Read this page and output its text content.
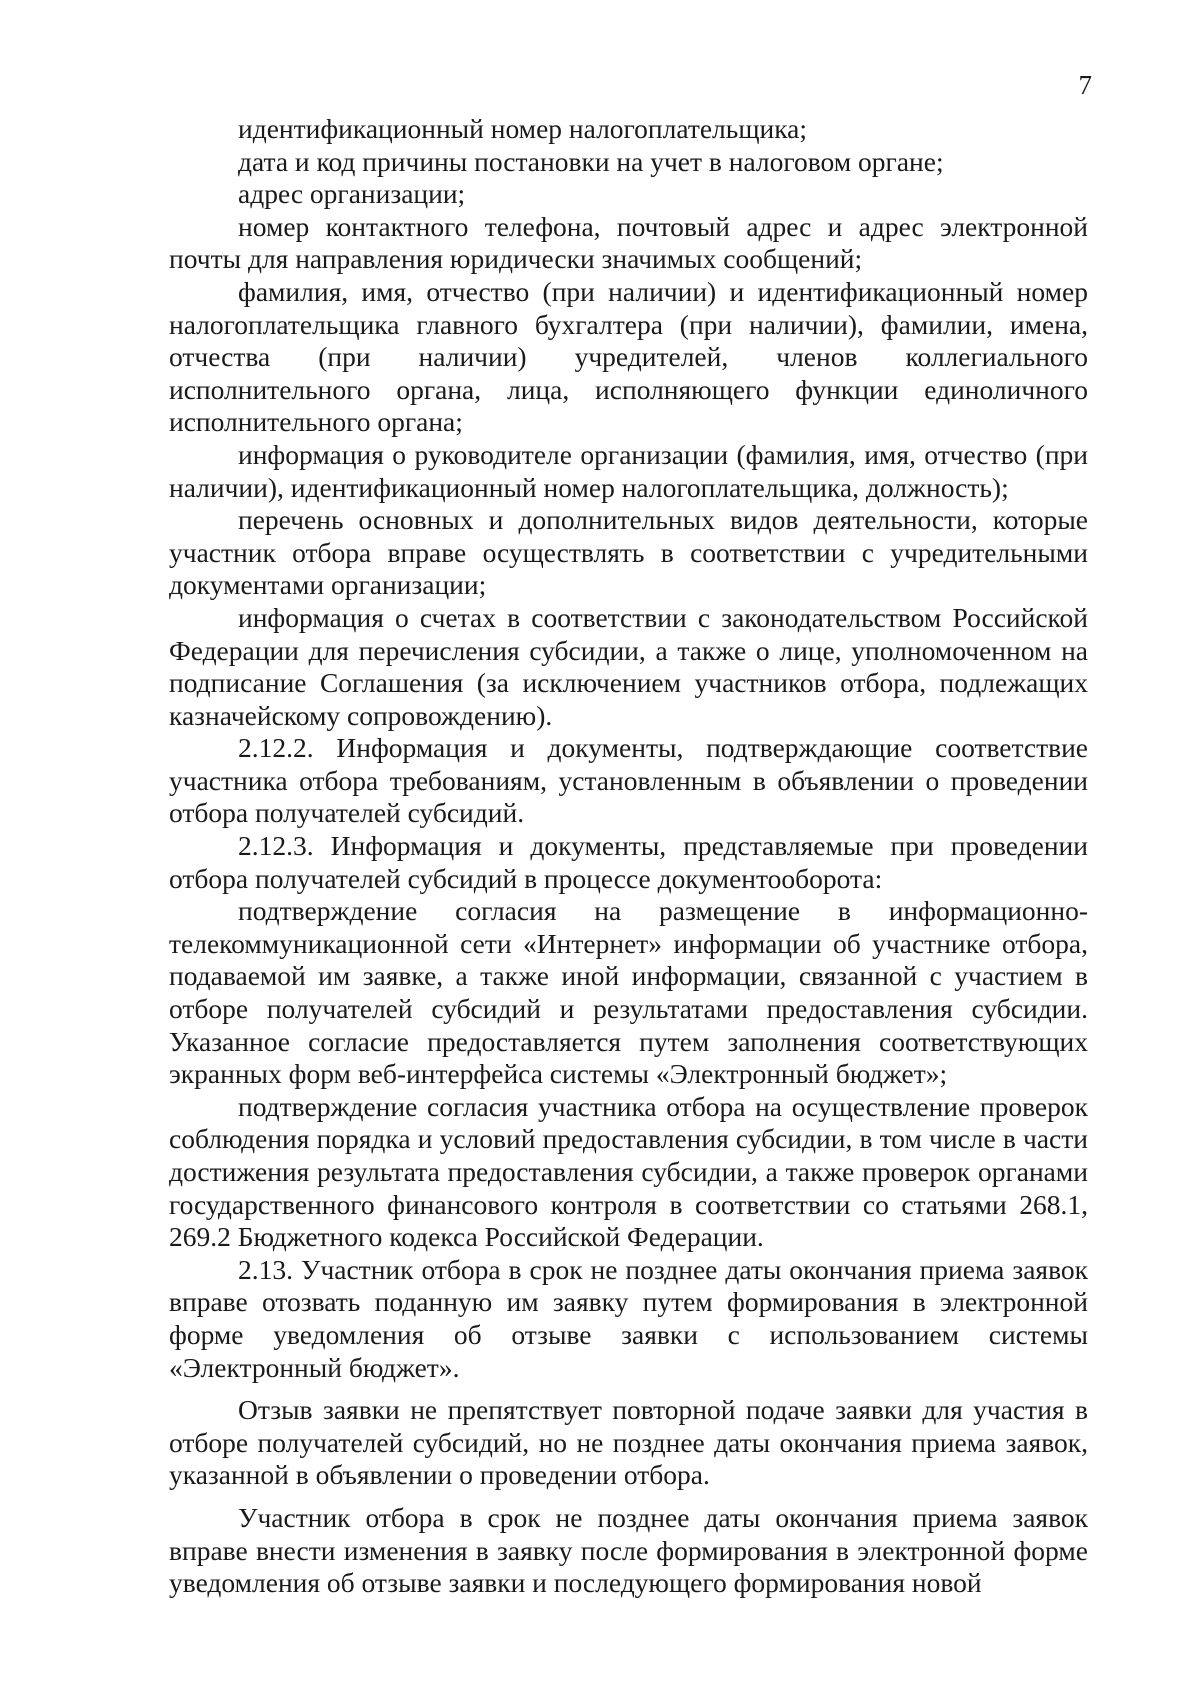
7

идентификационный номер налогоплательщика;

дата и код причины постановки на учет в налоговом органе;

адрес организации;

номер контактного телефона, почтовый адрес и адрес электронной почты для направления юридически значимых сообщений;

фамилия, имя, отчество (при наличии) и идентификационный номер налогоплательщика главного бухгалтера (при наличии), фамилии, имена, отчества (при наличии) учредителей, членов коллегиального исполнительного органа, лица, исполняющего функции единоличного исполнительного органа;

информация о руководителе организации (фамилия, имя, отчество (при наличии), идентификационный номер налогоплательщика, должность);

перечень основных и дополнительных видов деятельности, которые участник отбора вправе осуществлять в соответствии с учредительными документами организации;

информация о счетах в соответствии с законодательством Российской Федерации для перечисления субсидии, а также о лице, уполномоченном на подписание Соглашения (за исключением участников отбора, подлежащих казначейскому сопровождению).

2.12.2. Информация и документы, подтверждающие соответствие участника отбора требованиям, установленным в объявлении о проведении отбора получателей субсидий.

2.12.3. Информация и документы, представляемые при проведении отбора получателей субсидий в процессе документооборота:

подтверждение согласия на размещение в информационно-телекоммуникационной сети «Интернет» информации об участнике отбора, подаваемой им заявке, а также иной информации, связанной с участием в отборе получателей субсидий и результатами предоставления субсидии. Указанное согласие предоставляется путем заполнения соответствующих экранных форм веб-интерфейса системы «Электронный бюджет»;

подтверждение согласия участника отбора на осуществление проверок соблюдения порядка и условий предоставления субсидии, в том числе в части достижения результата предоставления субсидии, а также проверок органами государственного финансового контроля в соответствии со статьями 268.1, 269.2 Бюджетного кодекса Российской Федерации.

2.13. Участник отбора в срок не позднее даты окончания приема заявок вправе отозвать поданную им заявку путем формирования в электронной форме уведомления об отзыве заявки с использованием системы «Электронный бюджет».

Отзыв заявки не препятствует повторной подаче заявки для участия в отборе получателей субсидий, но не позднее даты окончания приема заявок, указанной в объявлении о проведении отбора.

Участник отбора в срок не позднее даты окончания приема заявок вправе внести изменения в заявку после формирования в электронной форме уведомления об отзыве заявки и последующего формирования новой
